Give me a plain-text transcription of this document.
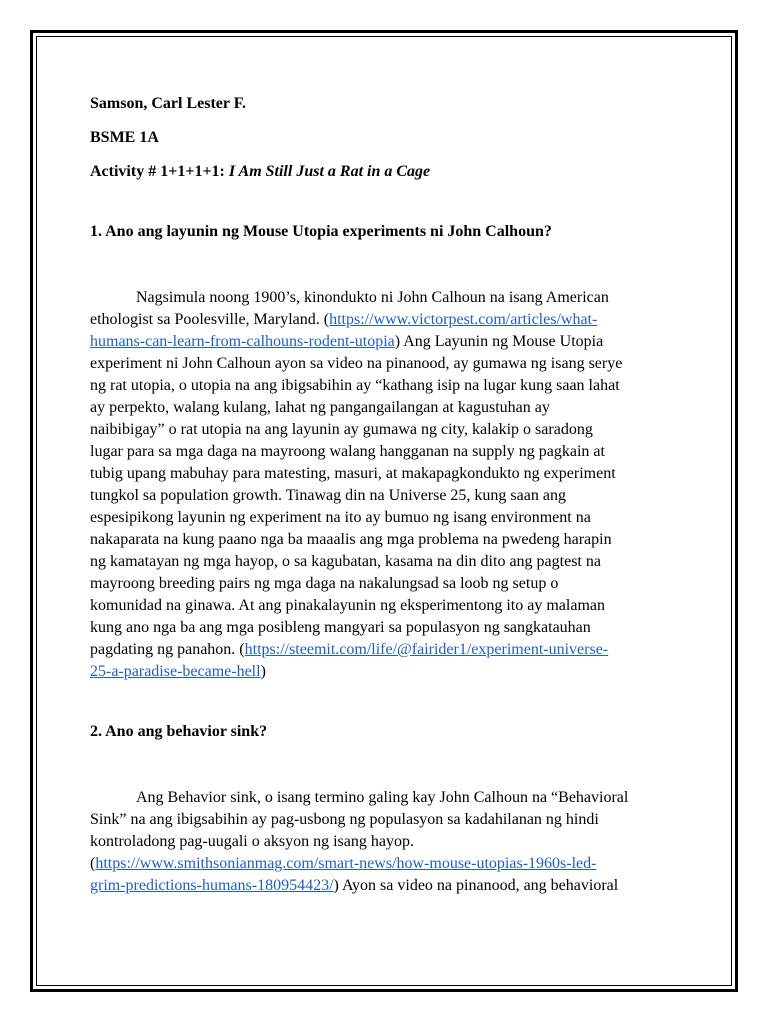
Samson, Carl Lester F.

BSME 1A

Activity # 1+1+1+1: I Am Still Just a Rat in a Cage

1. Ano ang layunin ng Mouse Utopia experiments ni John Calhoun?

Nagsimula noong 1900’s, kinondukto ni John Calhoun na isang American
ethologist sa Poolesville, Maryland. (https://www.victorpest.com/articles/what-
humans-can-learn-from-calhouns-rodent-utopia) Ang Layunin ng Mouse Utopia
experiment ni John Calhoun ayon sa video na pinanood, ay gumawa ng isang serye
ng rat utopia, o utopia na ang ibigsabihin ay “kathang isip na lugar kung saan lahat
ay perpekto, walang kulang, lahat ng pangangailangan at kagustuhan ay
naibibigay” o rat utopia na ang layunin ay gumawa ng city, kalakip o saradong
lugar para sa mga daga na mayroong walang hangganan na supply ng pagkain at
tubig upang mabuhay para matesting, masuri, at makapagkondukto ng experiment
tungkol sa population growth. Tinawag din na Universe 25, kung saan ang
espesipikong layunin ng experiment na ito ay bumuo ng isang environment na
nakaparata na kung paano nga ba maaalis ang mga problema na pwedeng harapin
ng kamatayan ng mga hayop, o sa kagubatan, kasama na din dito ang pagtest na
mayroong breeding pairs ng mga daga na nakalungsad sa loob ng setup o
komunidad na ginawa. At ang pinakalayunin ng eksperimentong ito ay malaman
kung ano nga ba ang mga posibleng mangyari sa populasyon ng sangkatauhan
pagdating ng panahon. (https://steemit.com/life/@fairider1/experiment-universe-
25-a-paradise-became-hell)

2. Ano ang behavior sink?

Ang Behavior sink, o isang termino galing kay John Calhoun na “Behavioral
Sink” na ang ibigsabihin ay pag-usbong ng populasyon sa kadahilanan ng hindi
kontroladong pag-uugali o aksyon ng isang hayop.
(https://www.smithsonianmag.com/smart-news/how-mouse-utopias-1960s-led-
grim-predictions-humans-180954423/) Ayon sa video na pinanood, ang behavioral
